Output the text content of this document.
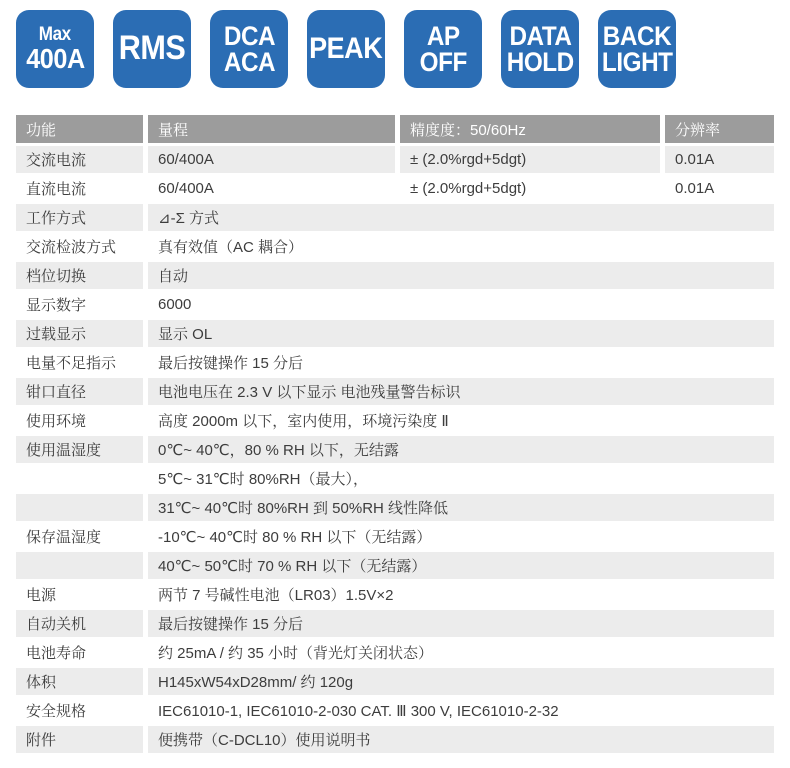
Max
400A RMS DCA
ACA PEAK AP
OFF
DATA
HOLD
BACK
LIGHT
功能	量程	精度度：50/60Hz	分辨率
交流电流	60/400A	± (2.0%rgd+5dgt)	0.01A
直流电流	60/400A	± (2.0%rgd+5dgt)	0.01A
工作方式	⊿-Σ 方式
交流检波方式	真有效值（AC 耦合）
档位切换	自动
显示数字	6000
过载显示	显示 OL
电量不足指示	最后按键操作 15 分后
钳口直径	电池电压在 2.3 V 以下显示 电池残量警告标识
使用环境	高度 2000m 以下，室内使用，环境污染度 Ⅱ
使用温湿度	0℃~ 40℃，80 % RH 以下，无结露
5℃~ 31℃时 80%RH（最大），
31℃~ 40℃时 80%RH 到 50%RH 线性降低
保存温湿度	-10℃~ 40℃时 80 % RH 以下（无结露）
40℃~ 50℃时 70 % RH 以下（无结露）
电源	两节 7 号碱性电池（LR03）1.5V×2
自动关机	最后按键操作 15 分后
电池寿命	约 25mA / 约 35 小时（背光灯关闭状态）
体积	H145xW54xD28mm/ 约 120g
安全规格	IEC61010-1, IEC61010-2-030 CAT. Ⅲ 300 V, IEC61010-2-32
附件	便携带（C-DCL10）使用说明书
